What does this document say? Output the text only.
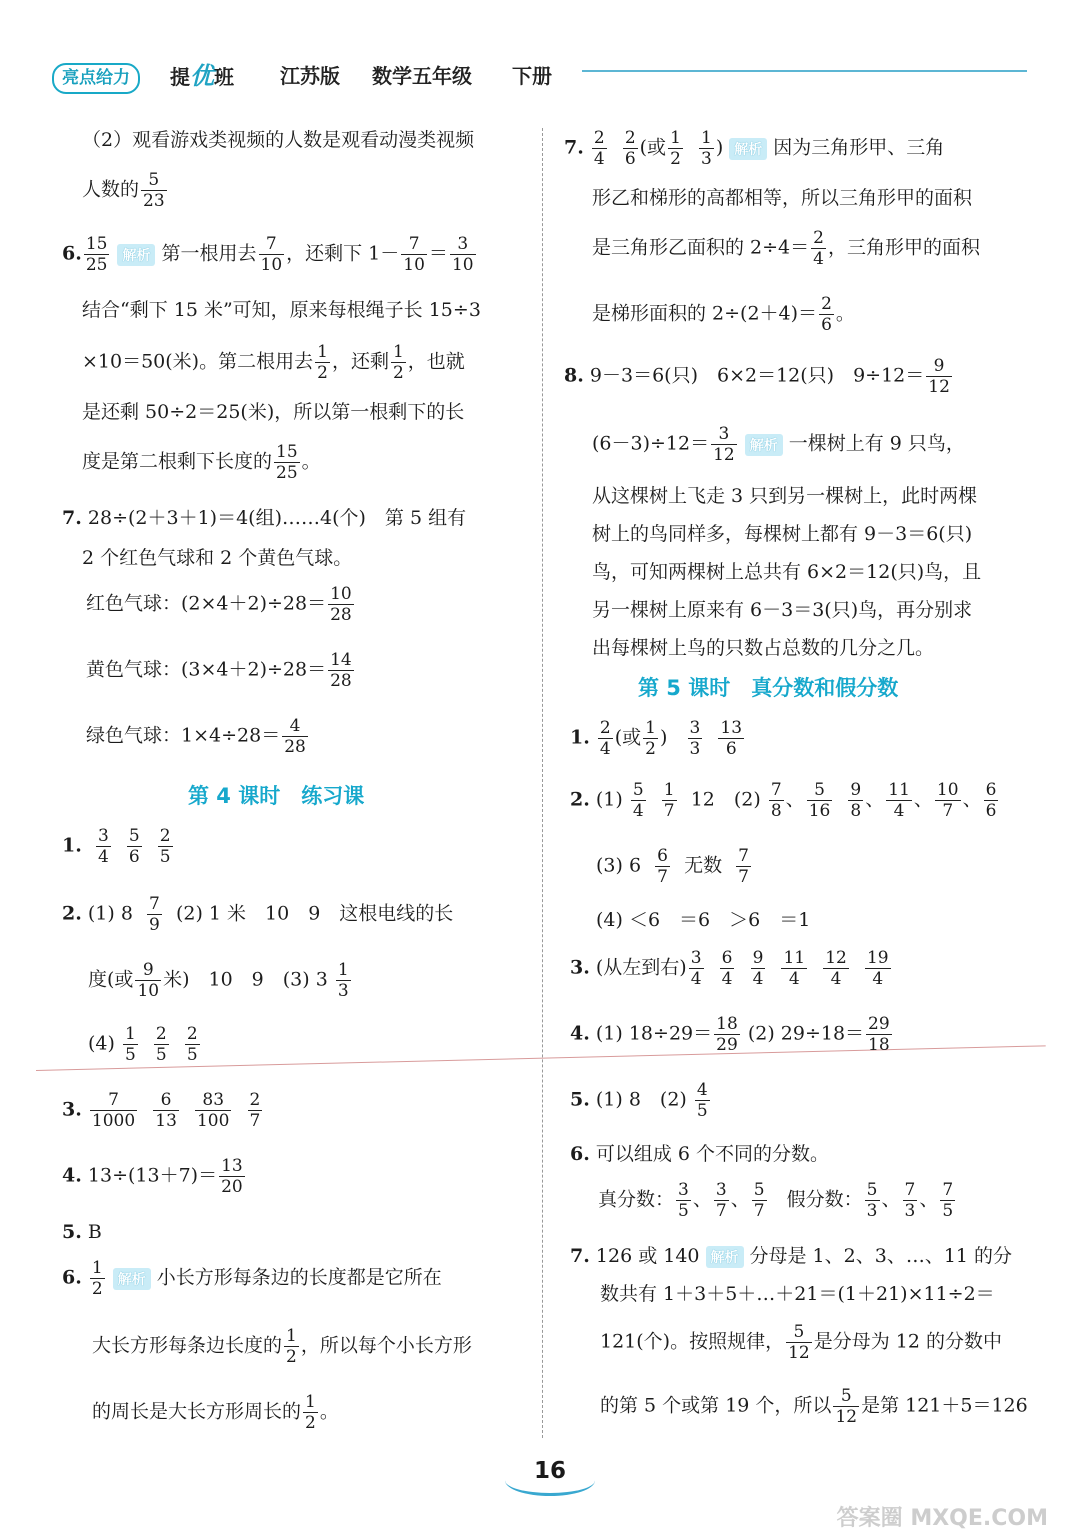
亮点给力	提优班 江苏版 数学五年级 下册
（2）观看游戏类视频的人数是观看动漫类视频
人数的 $\frac{5}{23}$
6. $\frac{15}{25}$ 解析 第一根用去 $\frac{7}{10}$ ，还剩下 $1- \frac{7}{10} = \frac{3}{10}$
结合“剩下 15 米”可知，原来每根绳子长 15÷3
×10＝50(米)。第二根用去 $\frac{1}{2}$ ，还剩 $\frac{1}{2}$ ，也就
是还剩 50÷2＝25(米)，所以第一根剩下的长
度是第二根剩下长度的 $\frac{15}{25}$ 。
7. 28÷(2＋3＋1)＝4(组)……4(个)　第 5 组有
2 个红色气球和 2 个黄色气球。
红色气球：$(2\times 4+2)\div 28= \frac{10}{28}$
黄色气球：$(3\times 4+2)\div 28= \frac{14}{28}$
绿色气球：$1\times 4\div 28= \frac{4}{28}$
第 4 课时　练习课
1. $\frac{3}{4}$
$\frac{5}{6}$
$\frac{2}{5}$
2. (1) $8 \frac{7}{9} (2)$ 1 米　10　9　这根电线的长
度(或 $\frac{9}{10}$ 米)　10　9　(3) $3 \frac{1}{3}$
$(4) \frac{1}{5}$
$\frac{2}{5}$
$\frac{2}{5}$
3. $\frac{7}{1000}$
$\frac{6}{13}$
$\frac{83}{100}$
$\frac{2}{7}$
4. $13\div(13+7)= \frac{13}{20}$
5. B
6. $\frac{1}{2}$ 解析 小长方形每条边的长度都是它所在
大长方形每条边长度的 $\frac{1}{2}$ ，所以每个小长方形
的周长是大长方形周长的 $\frac{1}{2}$ 。
7. $\frac{2}{4}$
$\frac{2}{6}$ (或 $\frac{1}{2}$
$\frac{1}{3}$ ) 解析 因为三角形甲、三角
形乙和梯形的高都相等，所以三角形甲的面积
是三角形乙面积的 $2\div 4= \frac{2}{4}$ ，三角形甲的面积
是梯形面积的 $2\div(2+4)= \frac{2}{6}$ 。
8. 9－3＝6(只)　6×2＝12(只)　$9\div 12= \frac{9}{12}$
$(6-3)\div 12= \frac{3}{12}$ 解析 一棵树上有 9 只鸟，
从这棵树上飞走 3 只到另一棵树上，此时两棵
树上的鸟同样多，每棵树上都有 9－3＝6(只)
鸟，可知两棵树上总共有 6×2＝12(只)鸟，且
另一棵树上原来有 6－3＝3(只)鸟，再分别求
出每棵树上鸟的只数占总数的几分之几。
第 5 课时　真分数和假分数
1. $\frac{2}{4}$ (或 $\frac{1}{2}$ ) $\frac{3}{3}$
$\frac{13}{6}$
2. $(1) \frac{5}{4}$
$\frac{1}{7} 12$　$(2) \frac{7}{8}$ 、 $\frac{5}{16}$
$\frac{9}{8}$ 、 $\frac{11}{4}$ 、 $\frac{10}{7}$ 、 $\frac{6}{6}$
(3) $6 \frac{6}{7}$ 无数 $\frac{7}{7}$
(4) ＜6　＝6　＞6　＝1
3. (从左到右) $\frac{3}{4}$
$\frac{6}{4}$
$\frac{9}{4}$
$\frac{11}{4}$
$\frac{12}{4}$
$\frac{19}{4}$
4. (1) $18\div 29= \frac{18}{29} (2)$ $29\div 18= \frac{29}{18}$
5. (1) 8　$(2) \frac{4}{5}$
6. 可以组成 6 个不同的分数。
真分数： $\frac{3}{5}$ 、 $\frac{3}{7}$ 、 $\frac{5}{7}$ 假分数： $\frac{5}{3}$ 、 $\frac{7}{3}$ 、 $\frac{7}{5}$
7. 126 或 140 解析 分母是 1、2、3、…、11 的分
数共有 1＋3＋5＋…＋21＝(1＋21)×11÷2＝
121(个)。按照规律， $\frac{5}{12}$ 是分母为 12 的分数中
的第 5 个或第 19 个，所以 $\frac{5}{12}$ 是第 121＋5＝126
16
答案圈 MXQE.COM
